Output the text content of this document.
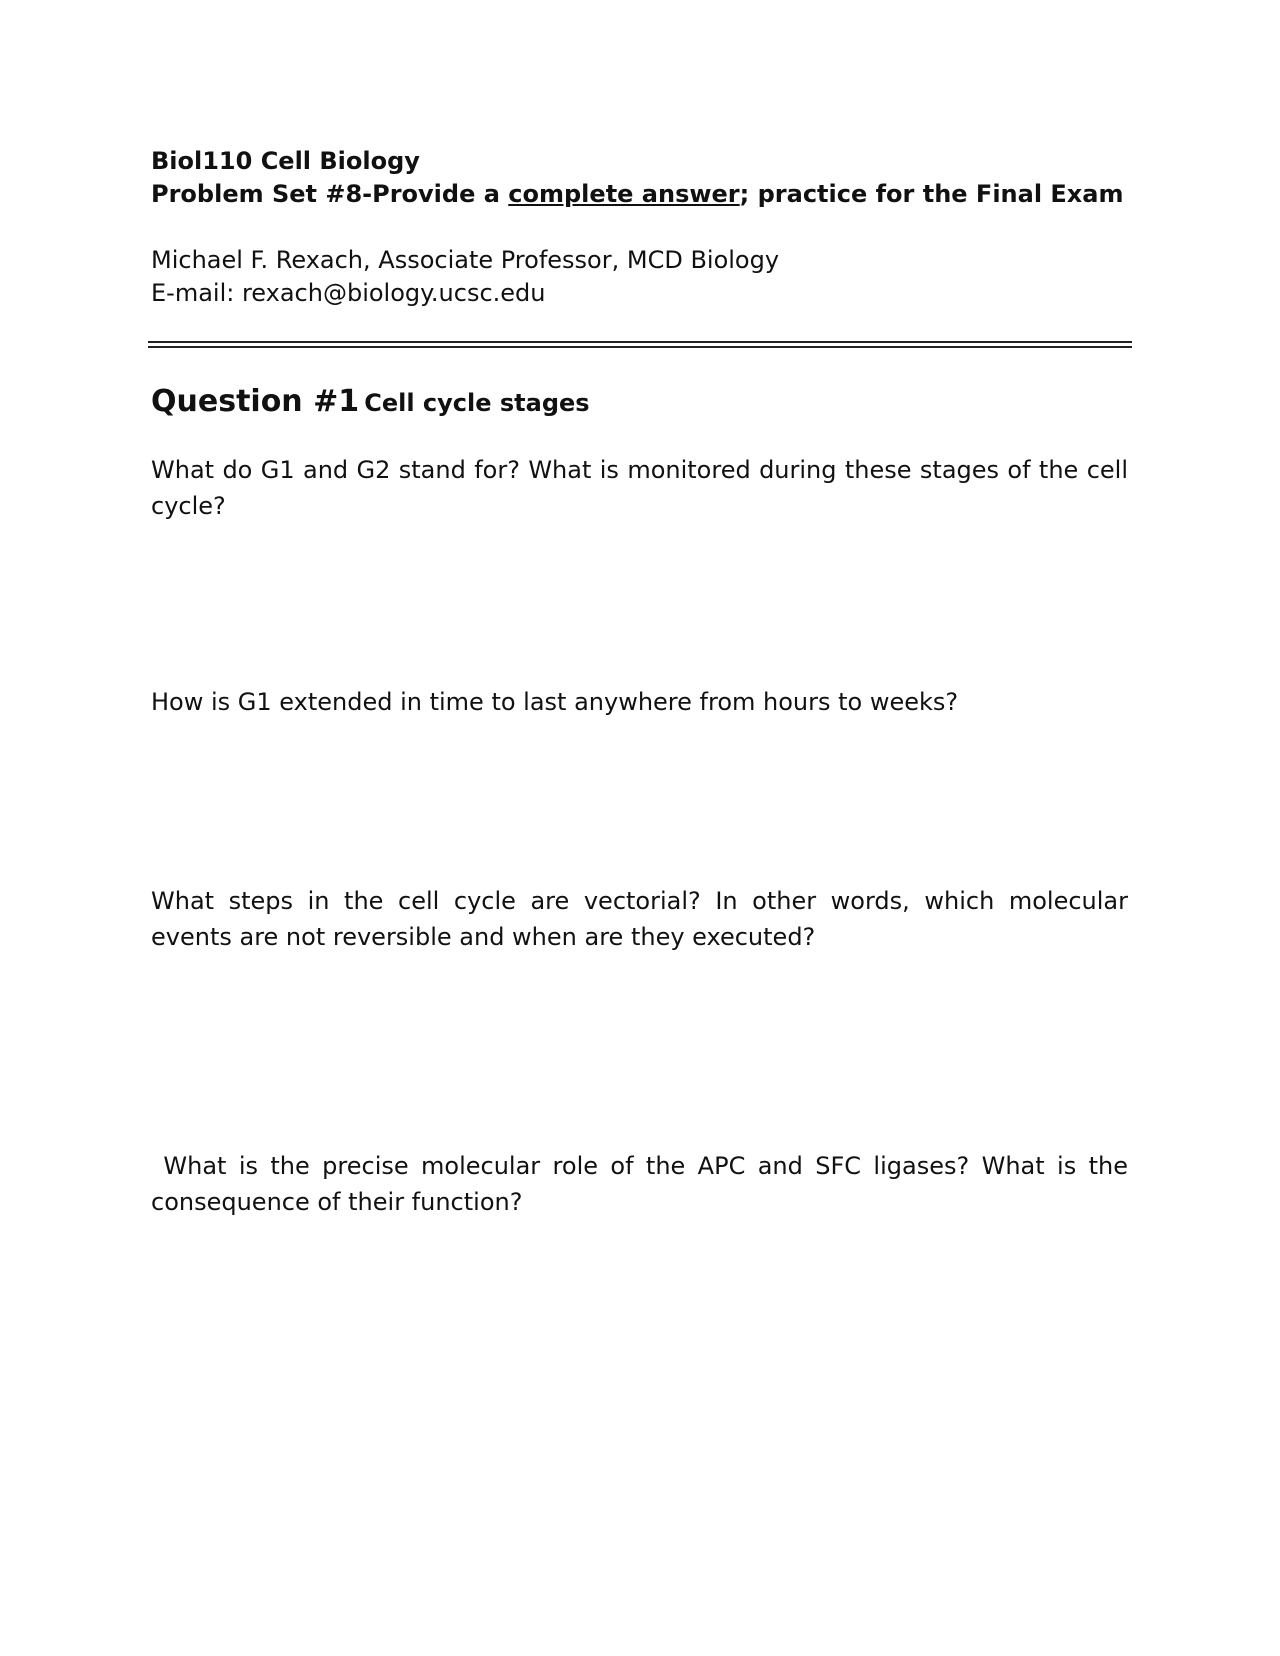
Biol110 Cell Biology
Problem Set #8-Provide a complete answer; practice for the Final Exam
Michael F. Rexach, Associate Professor, MCD Biology
E-mail: rexach@biology.ucsc.edu
Question #1 Cell cycle stages
What do G1 and G2 stand for? What is monitored during these stages of the cell cycle?
How is G1 extended in time to last anywhere from hours to weeks?
What steps in the cell cycle are vectorial? In other words, which molecular events are not reversible and when are they executed?
What is the precise molecular role of the APC and SFC ligases? What is the consequence of their function?
